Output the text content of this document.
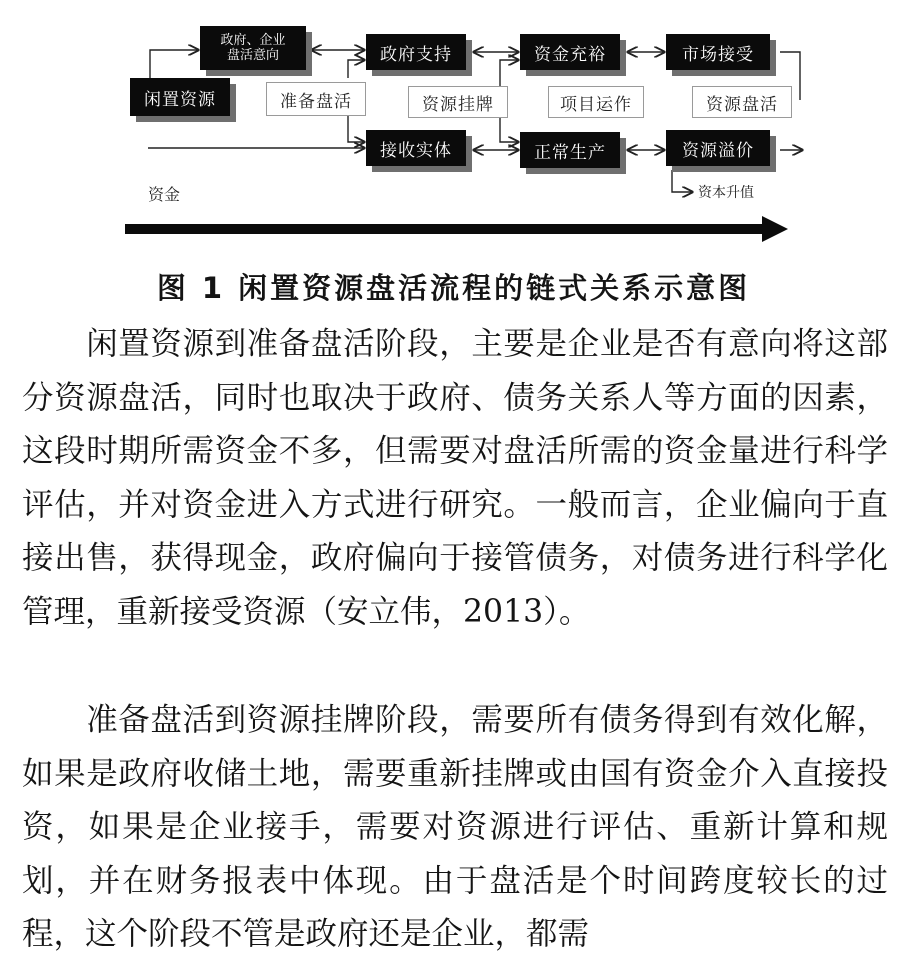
闲置资源
政府、企业
盘活意向
准备盘活
政府支持
接收实体
资源挂牌
资金充裕
项目运作
正常生产
市场接受
资源盘活
资源溢价
资金	资本升值
图 1 闲置资源盘活流程的链式关系示意图

　　闲置资源到准备盘活阶段，主要是企业是否有意向将这部分资源盘活，同时也取决于政府、债务关系人等方面的因素，这段时期所需资金不多，但需要对盘活所需的资金量进行科学评估，并对资金进入方式进行研究。一般而言，企业偏向于直接出售，获得现金，政府偏向于接管债务，对债务进行科学化管理，重新接受资源（安立伟，2013）。

　　准备盘活到资源挂牌阶段，需要所有债务得到有效化解，如果是政府收储土地，需要重新挂牌或由国有资金介入直接投资，如果是企业接手，需要对资源进行评估、重新计算和规划，并在财务报表中体现。由于盘活是个时间跨度较长的过程，这个阶段不管是政府还是企业，都需
